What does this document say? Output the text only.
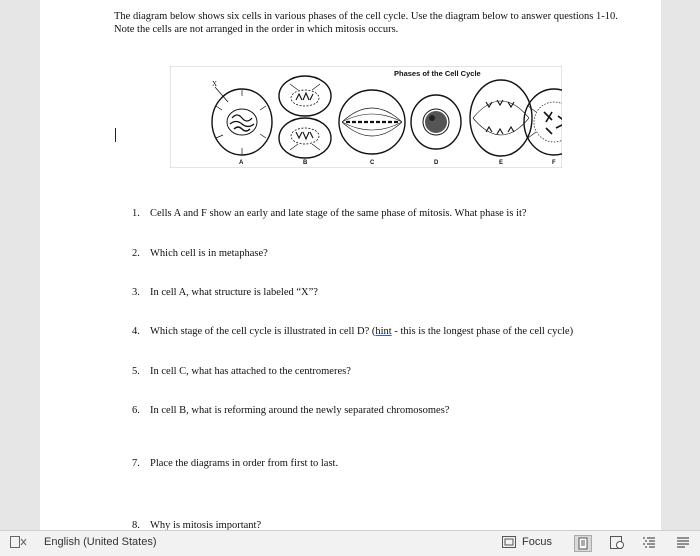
The diagram below shows six cells in various phases of the cell cycle. Use the diagram below to answer questions 1-10. Note the cells are not arranged in the order in which mitosis occurs.
Phases of the Cell Cycle
X
A	B	C	D	E	F
1. Cells A and F show an early and late stage of the same phase of mitosis. What phase is it?
2. Which cell is in metaphase?
3. In cell A, what structure is labeled “X”?
4. Which stage of the cell cycle is illustrated in cell D? (hint - this is the longest phase of the cell cycle)
5. In cell C, what has attached to the centromeres?
6. In cell B, what is reforming around the newly separated chromosomes?
7. Place the diagrams in order from first to last.
8. Why is mitosis important?
English (United States)	Focus
